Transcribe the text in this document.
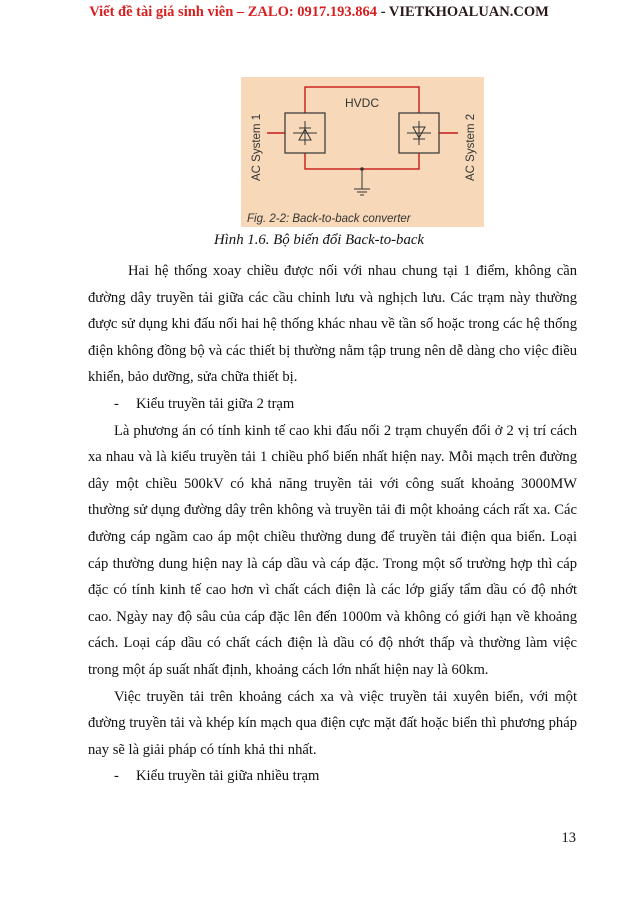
Viết đề tài giá sinh viên – ZALO: 0917.193.864 - VIETKHOALUAN.COM
HVDC
AC System 1	AC System 2
Fig. 2-2: Back-to-back converter
Hình 1.6. Bộ biến đổi Back-to-back

Hai hệ thống xoay chiều được nối với nhau chung tại 1 điểm, không cần đường dây truyền tải giữa các cầu chỉnh lưu và nghịch lưu. Các trạm này thường được sử dụng khi đấu nối hai hệ thống khác nhau về tần số hoặc trong các hệ thống điện không đồng bộ và các thiết bị thường nằm tập trung nên dễ dàng cho việc điều khiển, bảo dưỡng, sửa chữa thiết bị.

- Kiểu truyền tải giữa 2 trạm

Là phương án có tính kinh tế cao khi đấu nối 2 trạm chuyển đổi ở 2 vị trí cách xa nhau và là kiểu truyền tải 1 chiều phổ biến nhất hiện nay. Mỗi mạch trên đường dây một chiều 500kV có khả năng truyền tải với công suất khoảng 3000MW thường sử dụng đường dây trên không và truyền tải đi một khoảng cách rất xa. Các đường cáp ngầm cao áp một chiều thường dung để truyền tải điện qua biển. Loại cáp thường dung hiện nay là cáp dầu và cáp đặc. Trong một số trường hợp thì cáp đặc có tính kinh tế cao hơn vì chất cách điện là các lớp giấy tẩm dầu có độ nhớt cao. Ngày nay độ sâu của cáp đặc lên đến 1000m và không có giới hạn về khoảng cách. Loại cáp dầu có chất cách điện là dầu có độ nhớt thấp và thường làm việc trong một áp suất nhất định, khoảng cách lớn nhất hiện nay là 60km.

Việc truyền tải trên khoảng cách xa và việc truyền tải xuyên biển, với một đường truyền tải và khép kín mạch qua điện cực mặt đất hoặc biển thì phương pháp nay sẽ là giải pháp có tính khả thi nhất.

- Kiểu truyền tải giữa nhiều trạm

13
